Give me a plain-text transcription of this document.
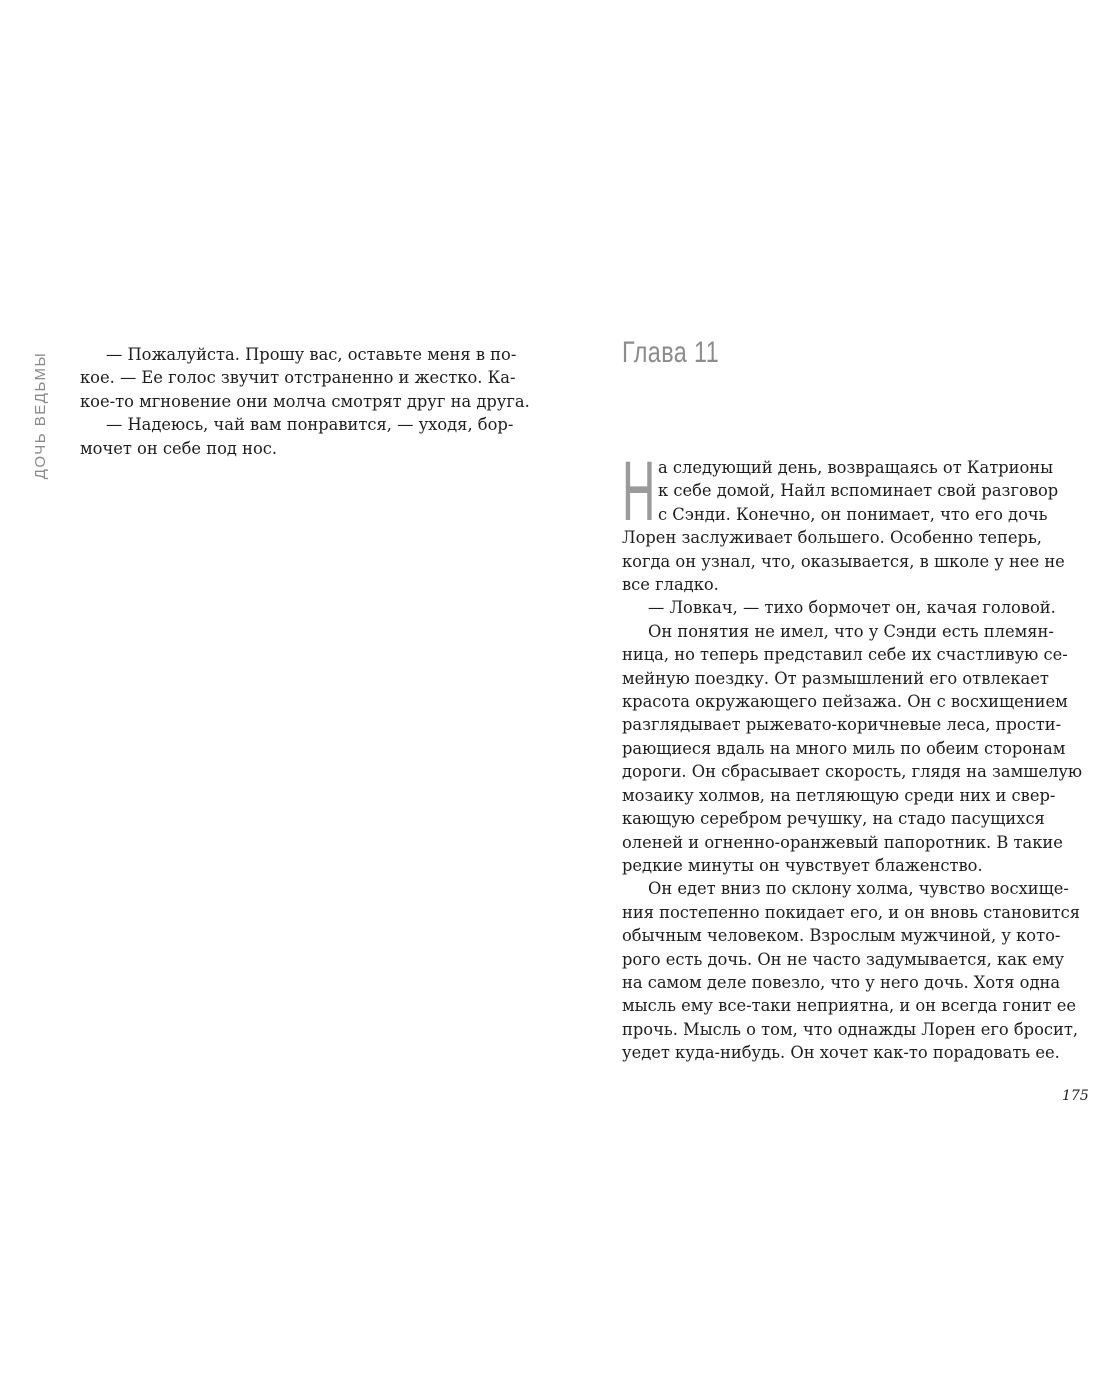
ДОЧЬ ВЕДЬМЫ	— Пожалуйста. Прошу вас, оставьте меня в по-
кое. — Ее голос звучит отстраненно и жестко. Ка-
кое-то мгновение они молча смотрят друг на друга.
— Надеюсь, чай вам понравится, — уходя, бор-
мочет он себе под нос.
Глава 11
Н а следующий день, возвращаясь от Катрионы
к себе домой, Найл вспоминает свой разговор
с Сэнди. Конечно, он понимает, что его дочь
Лорен заслуживает большего. Особенно теперь,
когда он узнал, что, оказывается, в школе у нее не
все гладко.
— Ловкач, — тихо бормочет он, качая головой.
Он понятия не имел, что у Сэнди есть племян-
ница, но теперь представил себе их счастливую се-
мейную поездку. От размышлений его отвлекает
красота окружающего пейзажа. Он с восхищением
разглядывает рыжевато-коричневые леса, прости-
рающиеся вдаль на много миль по обеим сторонам
дороги. Он сбрасывает скорость, глядя на замшелую
мозаику холмов, на петляющую среди них и свер-
кающую серебром речушку, на стадо пасущихся
оленей и огненно-оранжевый папоротник. В такие
редкие минуты он чувствует блаженство.
Он едет вниз по склону холма, чувство восхище-
ния постепенно покидает его, и он вновь становится
обычным человеком. Взрослым мужчиной, у кото-
рого есть дочь. Он не часто задумывается, как ему
на самом деле повезло, что у него дочь. Хотя одна
мысль ему все-таки неприятна, и он всегда гонит ее
прочь. Мысль о том, что однажды Лорен его бросит,
уедет куда-нибудь. Он хочет как-то порадовать ее.
175
